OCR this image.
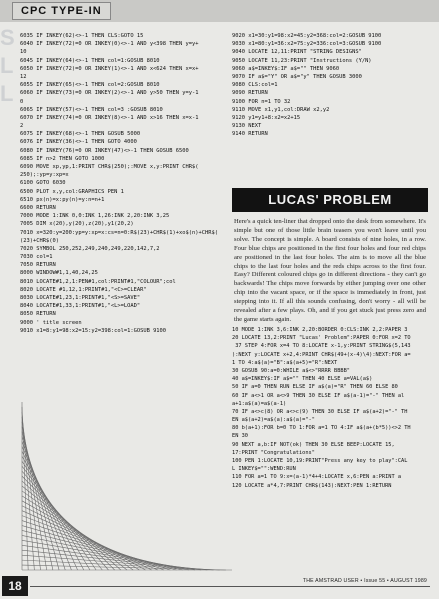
CPC TYPE-IN
S
L
L
6035 IF INKEY(62)<>-1 THEN CLS:GOTO 15
6040 IF INKEY(72)=0 OR INKEY(0)<>-1 AND y<398 THEN y=y+
10
6045 IF INKEY(64)<>-1 THEN col=1:GOSUB 8010
6050 IF INKEY(72)=0 OR INKEY(1)<>-1 AND x<624 THEN x=x+
12
6055 IF INKEY(65)<>-1 THEN col=2:GOSUB 8010
6060 IF INKEY(73)=0 OR INKEY(2)<>-1 AND y>50 THEN y=y-1
0
6065 IF INKEY(57)<>-1 THEN col=3 :GOSUB 8010
6070 IF INKEY(74)=0 OR INKEY(8)<>-1 AND x>16 THEN x=x-1
2
6075 IF INKEY(68)<>-1 THEN GOSUB 5000
6076 IF INKEY(36)<>-1 THEN GOTO 4000
6080 IF INKEY(76)=0 OR INKEY(47)<>-1 THEN GOSUB 6500
6085 IF n>2 THEN GOTO 1000
6090 MOVE xp,yp,1:PRINT CHR$(250);:MOVE x,y:PRINT CHR$(
250);:yp=y:xp=x
6100 GOTO 6030
6500 PLOT x,y,col:GRAPHICS PEN 1
6510 px(n)=x:py(n)=y:n=n+1
6600 RETURN
7000 MODE 1:INK 0,0:INK 1,26:INK 2,20:INK 3,25
7005 DIM x(20),y(20),z(20),y1(20,2)
7010 x=320:y=200:yp=y:xp=x:cs=n=0:R$(23)+CHR$(1)+xo$(n)+CHR$(
(23)+CHR$(0)
7020 SYMBOL 250,252,249,240,249,220,142,7,2
7030 col=1
7050 RETURN
8000 WINDOW#1,1,40,24,25
8010 LOCATE#1,2,1:PEN#1,col:PRINT#1,"COLOUR";col
8020 LOCATE #1,12,1:PRINT#1,"<C>=CLEAR"
8030 LOCATE#1,23,1:PRINT#1,"<S>=SAVE"
8040 LOCATE#1,33,1:PRINT#1,"<L>=LOAD"
8050 RETURN
9000 ' title screen
9010 x1=8:y1=98:x2=15:y2=398:col=1:GOSUB 9100
9020 x1=30:y1=98:x2=45:y2=368:col=2:GOSUB 9100
9030 x1=80:y1=36:x2=75:y2=336:col=3:GOSUB 9100
9040 LOCATE 12,11:PRINT "STRING DESIGNS"
9050 LOCATE 11,23:PRINT "Instructions (Y/N)
9060 a$=INKEY$:IF a$="" THEN 9060
9070 IF a$="Y" OR a$="y" THEN GOSUB 3000
9080 CLS:col=1
9090 RETURN
9100 FOR n=1 TO 32
9110 MOVE x1,y1,col:DRAW x2,y2
9120 y1=y1+8:x2=x2+15
9130 NEXT
9140 RETURN
LUCAS' PROBLEM

Here's a quick ten-liner that dropped onto the desk from somewhere. It's simple but one of those little brain teasers you won't leave until you solve. The concept is simple. A board consists of nine holes, in a row. Four blue chips are positioned in the first four holes and four red chips are positioned in the last four holes. The aim is to move all the blue chips to the last four holes and the reds chips across to the first four. Easy? Different coloured chips go in different directions - they can't go backwards! The chips move forwards by either jumping over one other chip into the vacant space, or if the space is immediately in front, just stepping into it. If all this sounds confusing, don't worry - all will be revealed after a few plays. Oh, and if you get stuck just press zero and the game starts again.

10 MODE 1:INK 3,6:INK 2,20:BORDER 0:CLS:INK 2,2:PAPER 3
20 LOCATE 13,2:PRINT "Lucas' Problem":PAPER 0:FOR x=2 TO
37 STEP 4:FOR x=4 TO 8:LOCATE x-1,y:PRINT STRING$(5,143
):NEXT y:LOCATE x+2,4:PRINT CHR$(49+(x-4)\4):NEXT:FOR a=
1 TO 4:a$(a)="B":a$(a+5)="R":NEXT
30 GOSUB 90:a=0:WHILE a$<>"RRRR BBBB"
40 a$=INKEY$:IF a$="" THEN 40 ELSE a=VAL(a$)
50 IF a=0 THEN RUN ELSE IF a$(a)="R" THEN 60 ELSE 80
60 IF a<>1 OR a<>9 THEN 30 ELSE IF a$(a-1)="-" THEN al
a+1:a$(a)=a$(a-1)
70 IF a<>c(8) OR a<>c(9) THEN 30 ELSE IF a$(a+2)="-" TH
EN a$(a+2)=a$(a):a$(a)="-"
80 b(a+1):FOR b=0 TO 1:FOR a=1 TO 4:IF a$(a+(b*5))<>2 TH
EN 30
90 NEXT a,b:IF NOT(ok) THEN 30 ELSE BEEP:LOCATE 15,
17:PRINT "Congratulations"
100 PEN 1:LOCATE 10,19:PRINT"Press any key to play":CAL
L INKEY$="":WEND:RUN
110 FOR a=1 TO 9:x=(a-1)*4+4:LOCATE x,6:PEN a:PRINT a
120 LOCATE a*4,7:PRINT CHR$(143):NEXT:PEN 1:RETURN
18	THE AMSTRAD USER • Issue 55 • AUGUST 1989
